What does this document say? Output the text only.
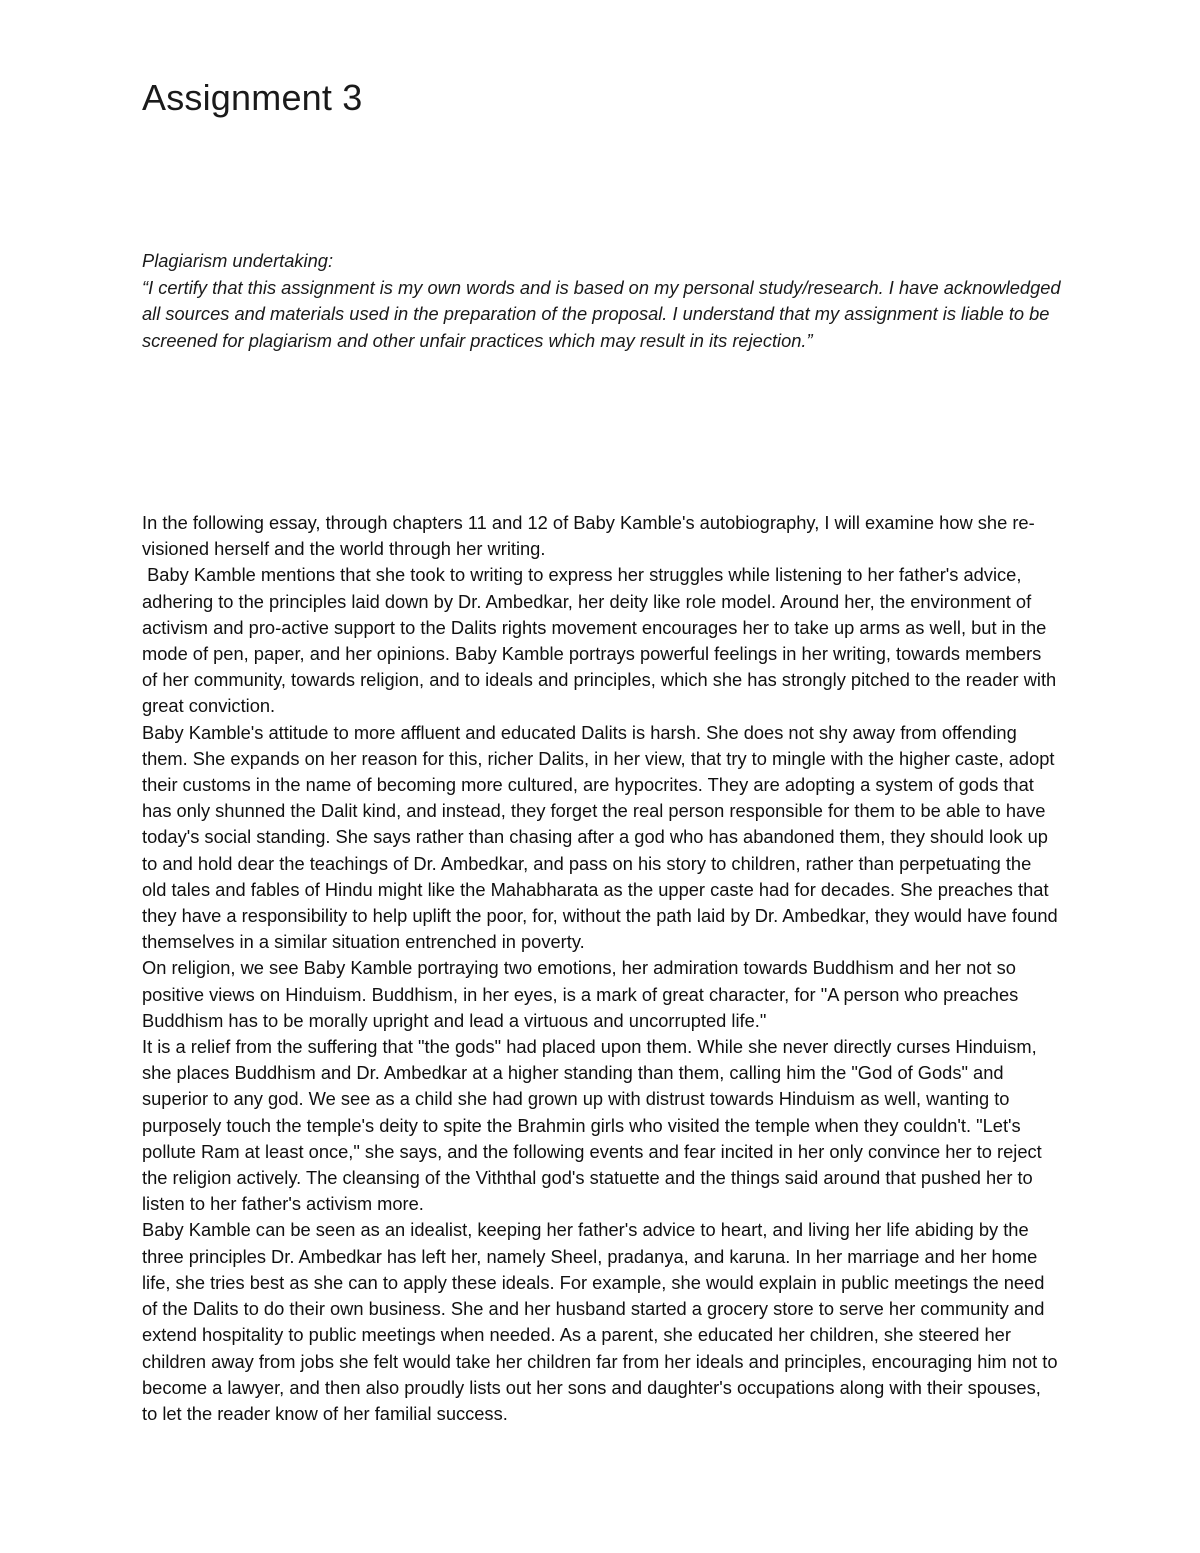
Assignment 3

Plagiarism undertaking:

“I certify that this assignment is my own words and is based on my personal study/research. I have acknowledged all sources and materials used in the preparation of the proposal. I understand that my assignment is liable to be screened for plagiarism and other unfair practices which may result in its rejection.”

In the following essay, through chapters 11 and 12 of Baby Kamble's autobiography, I will examine how she re-visioned herself and the world through her writing.

Baby Kamble mentions that she took to writing to express her struggles while listening to her father's advice, adhering to the principles laid down by Dr. Ambedkar, her deity like role model. Around her, the environment of activism and pro-active support to the Dalits rights movement encourages her to take up arms as well, but in the mode of pen, paper, and her opinions. Baby Kamble portrays powerful feelings in her writing, towards members of her community, towards religion, and to ideals and principles, which she has strongly pitched to the reader with great conviction.

Baby Kamble's attitude to more affluent and educated Dalits is harsh. She does not shy away from offending them. She expands on her reason for this, richer Dalits, in her view, that try to mingle with the higher caste, adopt their customs in the name of becoming more cultured, are hypocrites. They are adopting a system of gods that has only shunned the Dalit kind, and instead, they forget the real person responsible for them to be able to have today's social standing. She says rather than chasing after a god who has abandoned them, they should look up to and hold dear the teachings of Dr. Ambedkar, and pass on his story to children, rather than perpetuating the old tales and fables of Hindu might like the Mahabharata as the upper caste had for decades. She preaches that they have a responsibility to help uplift the poor, for, without the path laid by Dr. Ambedkar, they would have found themselves in a similar situation entrenched in poverty.

On religion, we see Baby Kamble portraying two emotions, her admiration towards Buddhism and her not so positive views on Hinduism. Buddhism, in her eyes, is a mark of great character, for "A person who preaches Buddhism has to be morally upright and lead a virtuous and uncorrupted life."

It is a relief from the suffering that "the gods" had placed upon them. While she never directly curses Hinduism, she places Buddhism and Dr. Ambedkar at a higher standing than them, calling him the "God of Gods" and superior to any god. We see as a child she had grown up with distrust towards Hinduism as well, wanting to purposely touch the temple's deity to spite the Brahmin girls who visited the temple when they couldn't. "Let's pollute Ram at least once," she says, and the following events and fear incited in her only convince her to reject the religion actively. The cleansing of the Viththal god's statuette and the things said around that pushed her to listen to her father's activism more.

Baby Kamble can be seen as an idealist, keeping her father's advice to heart, and living her life abiding by the three principles Dr. Ambedkar has left her, namely Sheel, pradanya, and karuna. In her marriage and her home life, she tries best as she can to apply these ideals. For example, she would explain in public meetings the need of the Dalits to do their own business. She and her husband started a grocery store to serve her community and extend hospitality to public meetings when needed. As a parent, she educated her children, she steered her children away from jobs she felt would take her children far from her ideals and principles, encouraging him not to become a lawyer, and then also proudly lists out her sons and daughter's occupations along with their spouses, to let the reader know of her familial success.
